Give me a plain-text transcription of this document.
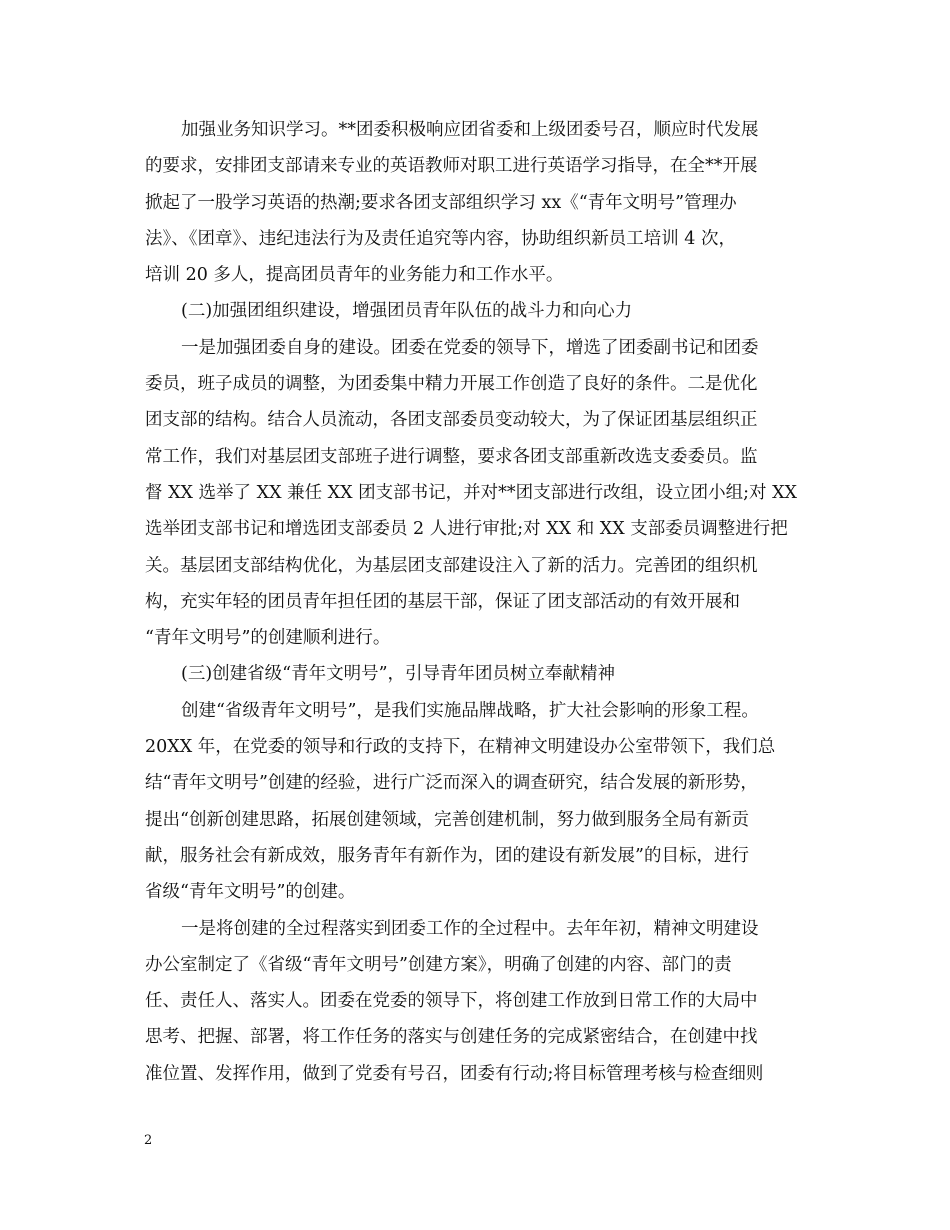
加强业务知识学习。**团委积极响应团省委和上级团委号召，顺应时代发展
的要求，安排团支部请来专业的英语教师对职工进行英语学习指导，在全**开展
掀起了一股学习英语的热潮;要求各团支部组织学习 xx《“青年文明号”管理办
法》、《团章》、违纪违法行为及责任追究等内容，协助组织新员工培训 4 次，
培训 20 多人，提高团员青年的业务能力和工作水平。
(二)加强团组织建设，增强团员青年队伍的战斗力和向心力
一是加强团委自身的建设。团委在党委的领导下，增选了团委副书记和团委
委员，班子成员的调整，为团委集中精力开展工作创造了良好的条件。二是优化
团支部的结构。结合人员流动，各团支部委员变动较大，为了保证团基层组织正
常工作，我们对基层团支部班子进行调整，要求各团支部重新改选支委委员。监
督 XX 选举了 XX 兼任 XX 团支部书记，并对**团支部进行改组，设立团小组;对 XX
选举团支部书记和增选团支部委员 2 人进行审批;对 XX 和 XX 支部委员调整进行把
关。基层团支部结构优化，为基层团支部建设注入了新的活力。完善团的组织机
构，充实年轻的团员青年担任团的基层干部，保证了团支部活动的有效开展和
“青年文明号”的创建顺利进行。
(三)创建省级“青年文明号”，引导青年团员树立奉献精神
创建“省级青年文明号”，是我们实施品牌战略，扩大社会影响的形象工程。
20XX 年，在党委的领导和行政的支持下，在精神文明建设办公室带领下，我们总
结“青年文明号”创建的经验，进行广泛而深入的调查研究，结合发展的新形势，
提出“创新创建思路，拓展创建领域，完善创建机制，努力做到服务全局有新贡
献，服务社会有新成效，服务青年有新作为，团的建设有新发展”的目标，进行
省级“青年文明号”的创建。
一是将创建的全过程落实到团委工作的全过程中。去年年初，精神文明建设
办公室制定了《省级“青年文明号”创建方案》，明确了创建的内容、部门的责
任、责任人、落实人。团委在党委的领导下，将创建工作放到日常工作的大局中
思考、把握、部署，将工作任务的落实与创建任务的完成紧密结合，在创建中找
准位置、发挥作用，做到了党委有号召，团委有行动;将目标管理考核与检查细则
2
